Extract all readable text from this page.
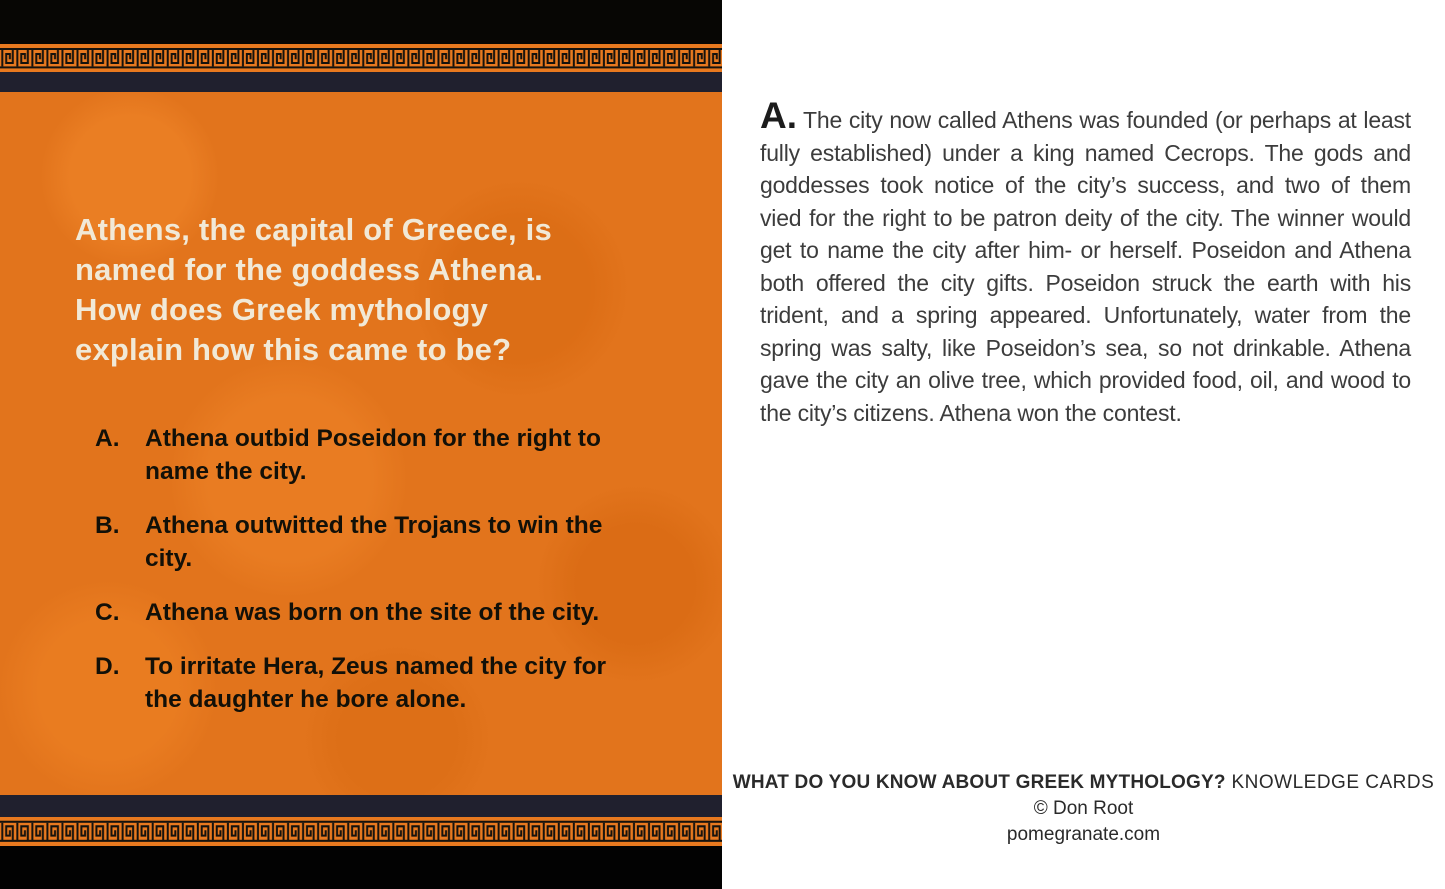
Athens, the capital of Greece, is named for the goddess Athena. How does Greek mythology explain how this came to be?
A.	Athena outbid Poseidon for the right to name the city.
B.	Athena outwitted the Trojans to win the city.
C.	Athena was born on the site of the city.
D.	To irritate Hera, Zeus named the city for the daughter he bore alone.

A. The city now called Athens was founded (or perhaps at least fully established) under a king named Cecrops. The gods and goddesses took notice of the city’s success, and two of them vied for the right to be patron deity of the city. The winner would get to name the city after him- or herself. Poseidon and Athena both offered the city gifts. Poseidon struck the earth with his trident, and a spring appeared. Unfortunately, water from the spring was salty, like Poseidon’s sea, so not drinkable. Athena gave the city an olive tree, which provided food, oil, and wood to the city’s citizens. Athena won the contest.

WHAT DO YOU KNOW ABOUT GREEK MYTHOLOGY? KNOWLEDGE CARDS
© Don Root
pomegranate.com
